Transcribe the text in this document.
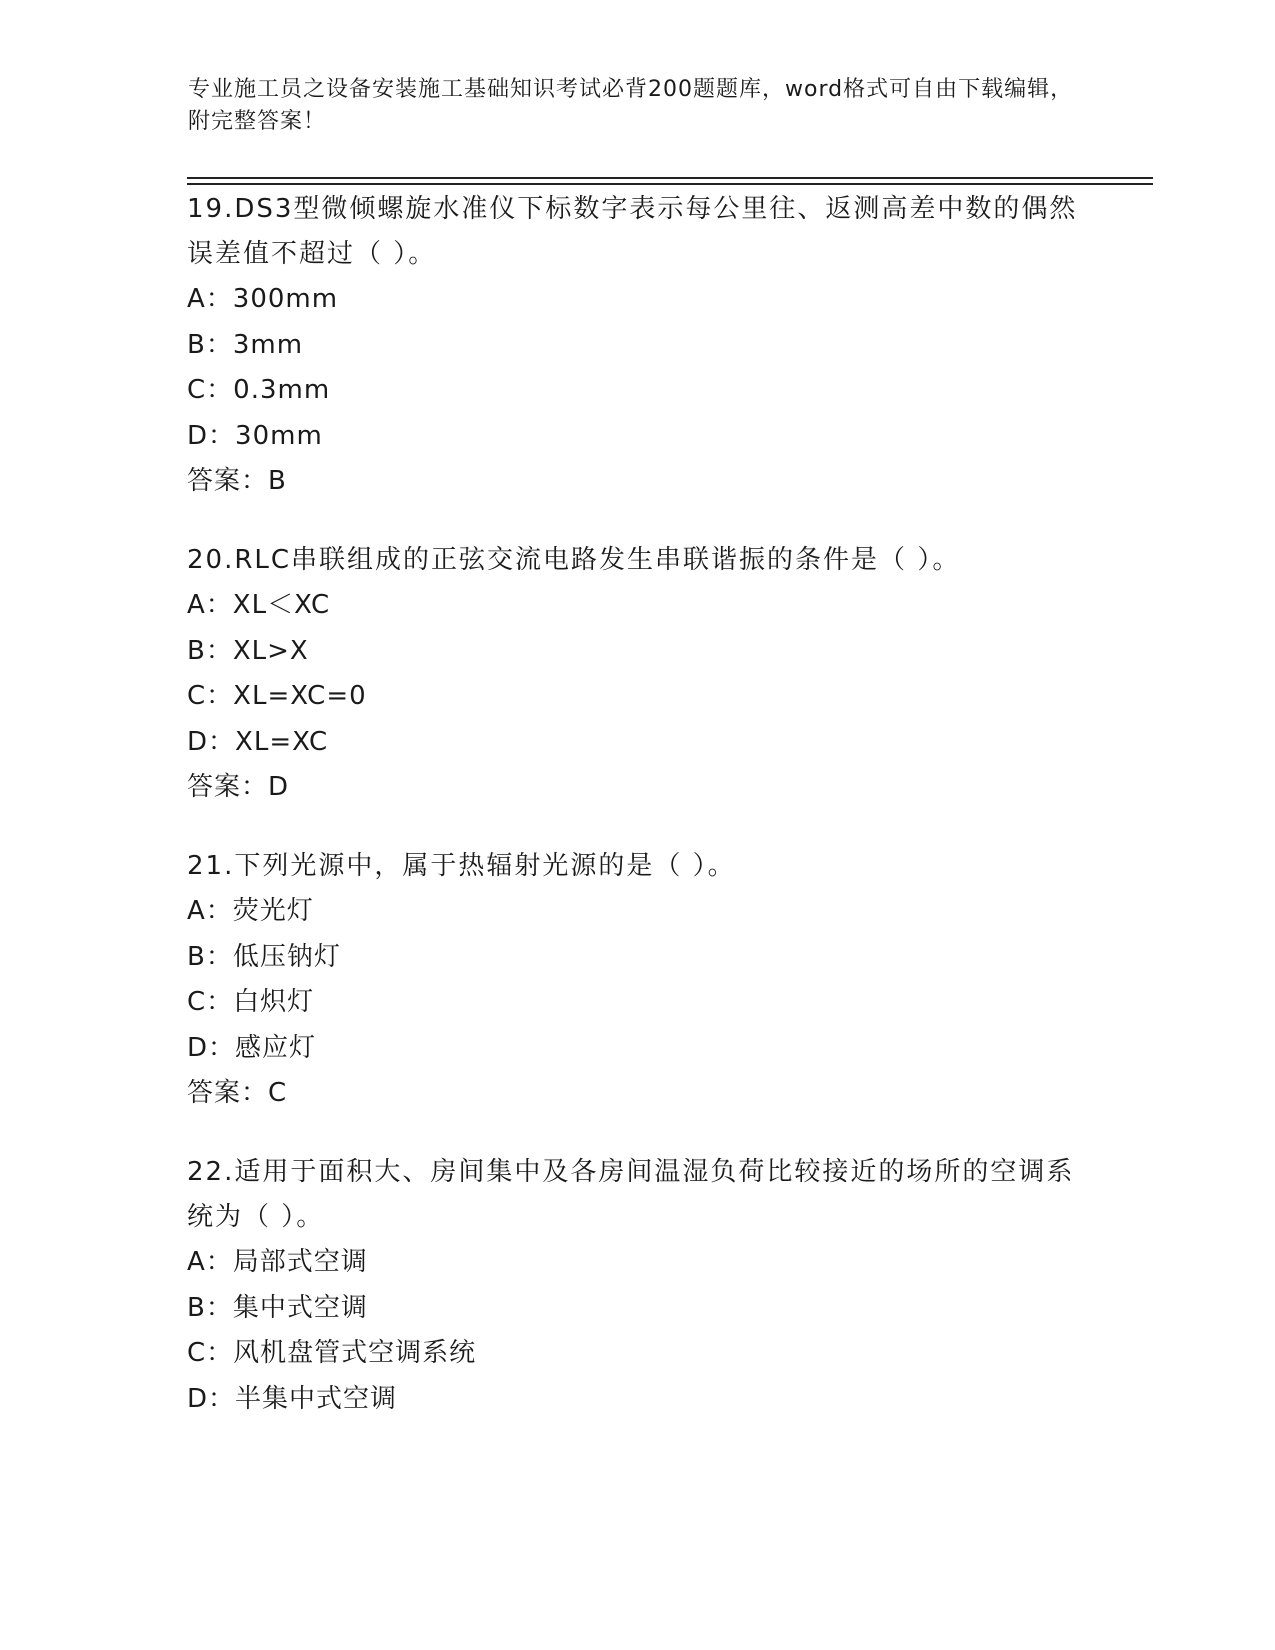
专业施工员之设备安装施工基础知识考试必背200题题库，word格式可自由下载编辑，附完整答案！
19.DS3型微倾螺旋水准仪下标数字表示每公里往、返测高差中数的偶然误差值不超过（ ）。
A：300mm
B：3mm
C：0.3mm
D：30mm
答案：B
20.RLC串联组成的正弦交流电路发生串联谐振的条件是（ ）。
A：XL＜XC
B：XL>X
C：XL=XC=0
D：XL=XC
答案：D
21.下列光源中，属于热辐射光源的是（ ）。
A：荧光灯
B：低压钠灯
C：白炽灯
D：感应灯
答案：C
22.适用于面积大、房间集中及各房间温湿负荷比较接近的场所的空调系统为（ ）。
A：局部式空调
B：集中式空调
C：风机盘管式空调系统
D：半集中式空调
